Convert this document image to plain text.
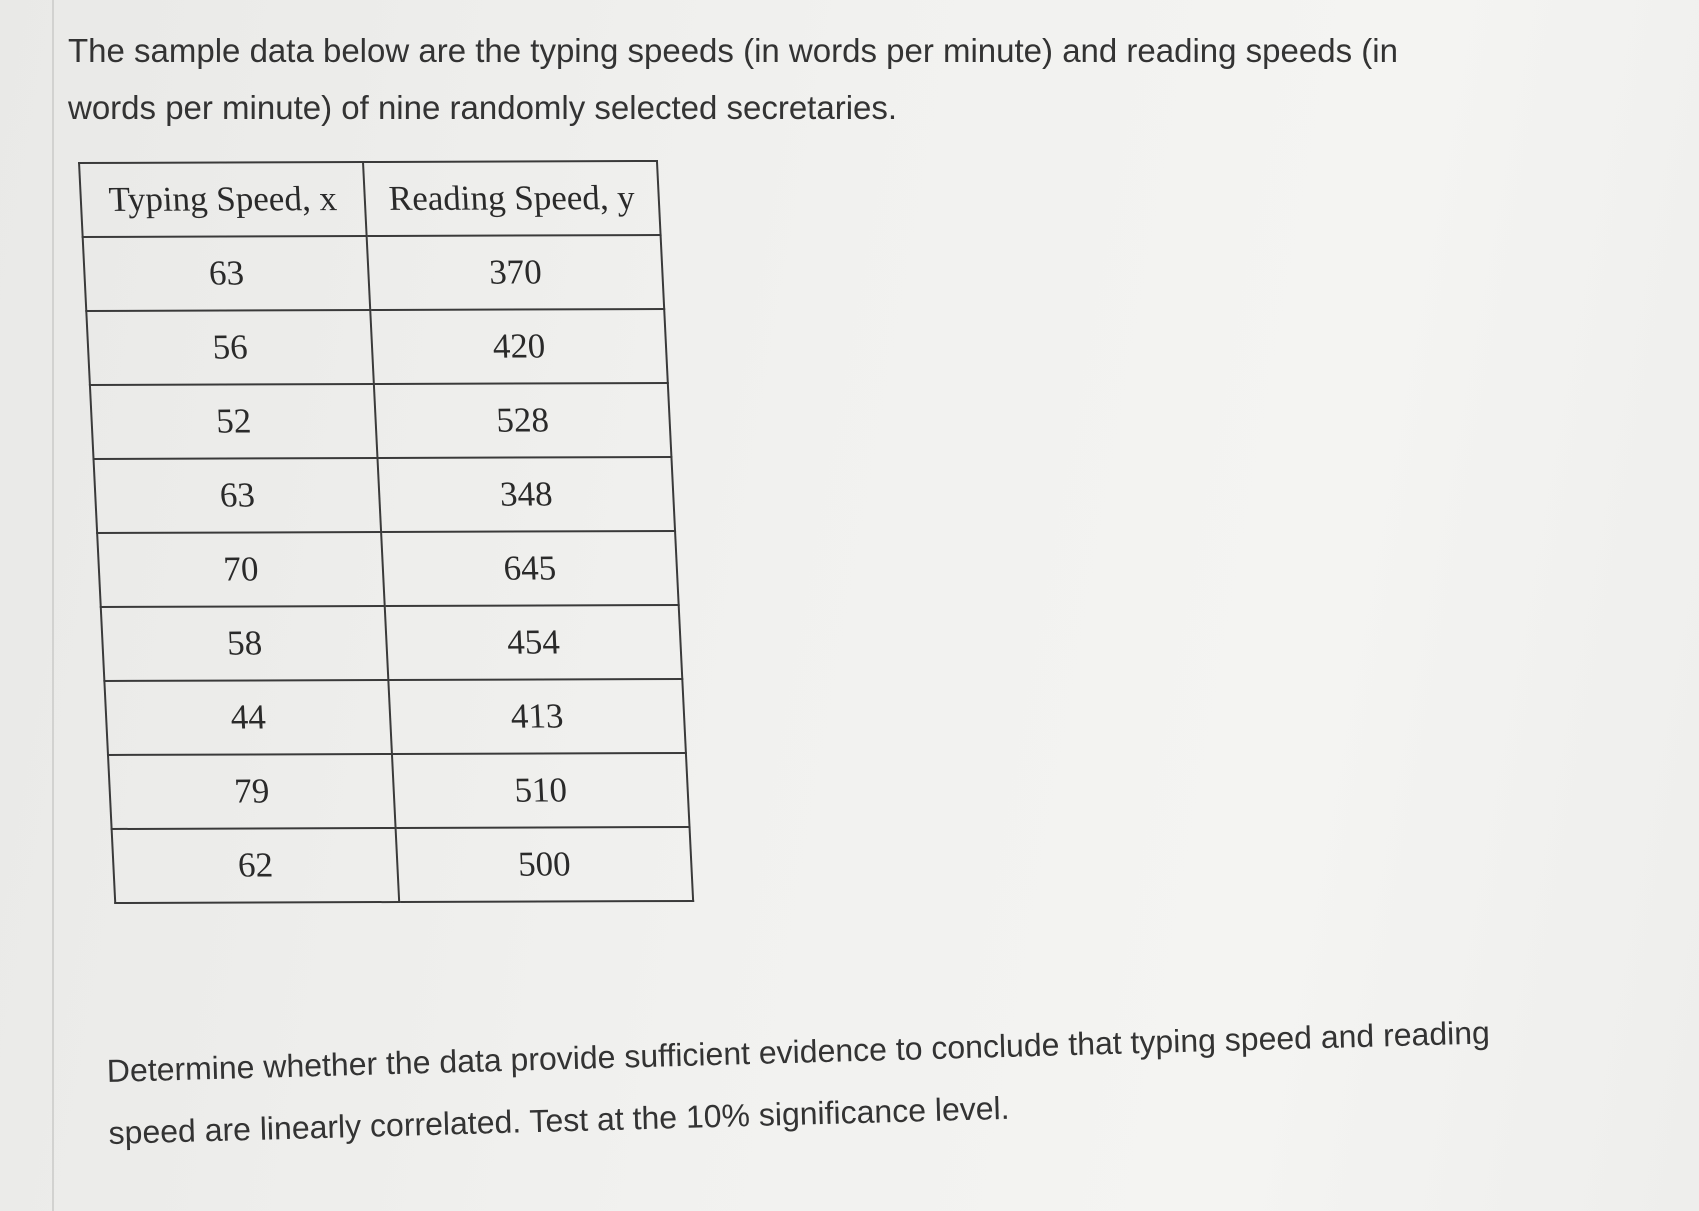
The sample data below are the typing speeds (in words per minute) and reading speeds (in words per minute) of nine randomly selected secretaries.

Typing Speed, x	Reading Speed, y
63	370
56	420
52	528
63	348
70	645
58	454
44	413
79	510
62	500

Determine whether the data provide sufficient evidence to conclude that typing speed and reading speed are linearly correlated. Test at the 10% significance level.
